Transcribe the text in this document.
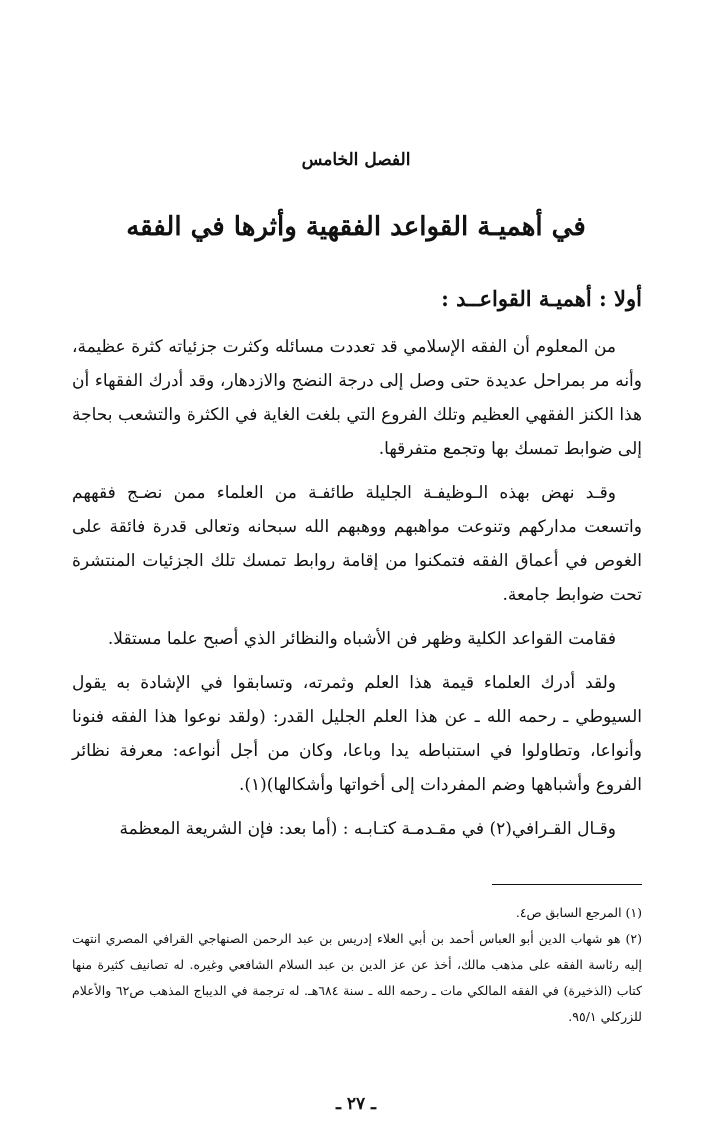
الفصل الخامس
في أهميـة القواعد الفقهية وأثرها في الفقه
أولا : أهميـة القواعــد :

من المعلوم أن الفقه الإسلامي قد تعددت مسائله وكثرت جزئياته كثرة عظيمة، وأنه مر بمراحل عديدة حتى وصل إلى درجة النضج والازدهار، وقد أدرك الفقهاء أن هذا الكنز الفقهي العظيم وتلك الفروع التي بلغت الغاية في الكثرة والتشعب بحاجة إلى ضوابط تمسك بها وتجمع متفرقها.

وقـد نهض بهذه الـوظيفـة الجليلة طائفـة من العلماء ممن نضـج فقههم واتسعت مداركهم وتنوعت مواهبهم ووهبهم الله سبحانه وتعالى قدرة فائقة على الغوص في أعماق الفقه فتمكنوا من إقامة روابط تمسك تلك الجزئيات المنتشرة تحت ضوابط جامعة.

فقامت القواعد الكلية وظهر فن الأشباه والنظائر الذي أصبح علما مستقلا.

ولقد أدرك العلماء قيمة هذا العلم وثمرته، وتسابقوا في الإشادة به يقول السيوطي ـ رحمه الله ـ عن هذا العلم الجليل القدر: (ولقد نوعوا هذا الفقه فنونا وأنواعا، وتطاولوا في استنباطه يدا وباعا، وكان من أجل أنواعه: معرفة نظائر الفروع وأشباهها وضم المفردات إلى أخواتها وأشكالها)(١).

وقـال القـرافي(٢) في مقـدمـة كتـابـه : (أما بعد: فإن الشريعة المعظمة

(١) المرجع السابق ص٤.

(٢) هو شهاب الدين أبو العباس أحمد بن أبي العلاء إدريس بن عبد الرحمن الصنهاجي القرافي المصري انتهت إليه رئاسة الفقه على مذهب مالك، أخذ عن عز الدين بن عبد السلام الشافعي وغيره. له تصانيف كثيرة منها كتاب (الذخيرة) في الفقه المالكي مات ـ رحمه الله ـ سنة ٦٨٤هـ. له ترجمة في الديباج المذهب ص٦٢ والأعلام للزركلي ٩٥/١.

ـ ٢٧ ـ
